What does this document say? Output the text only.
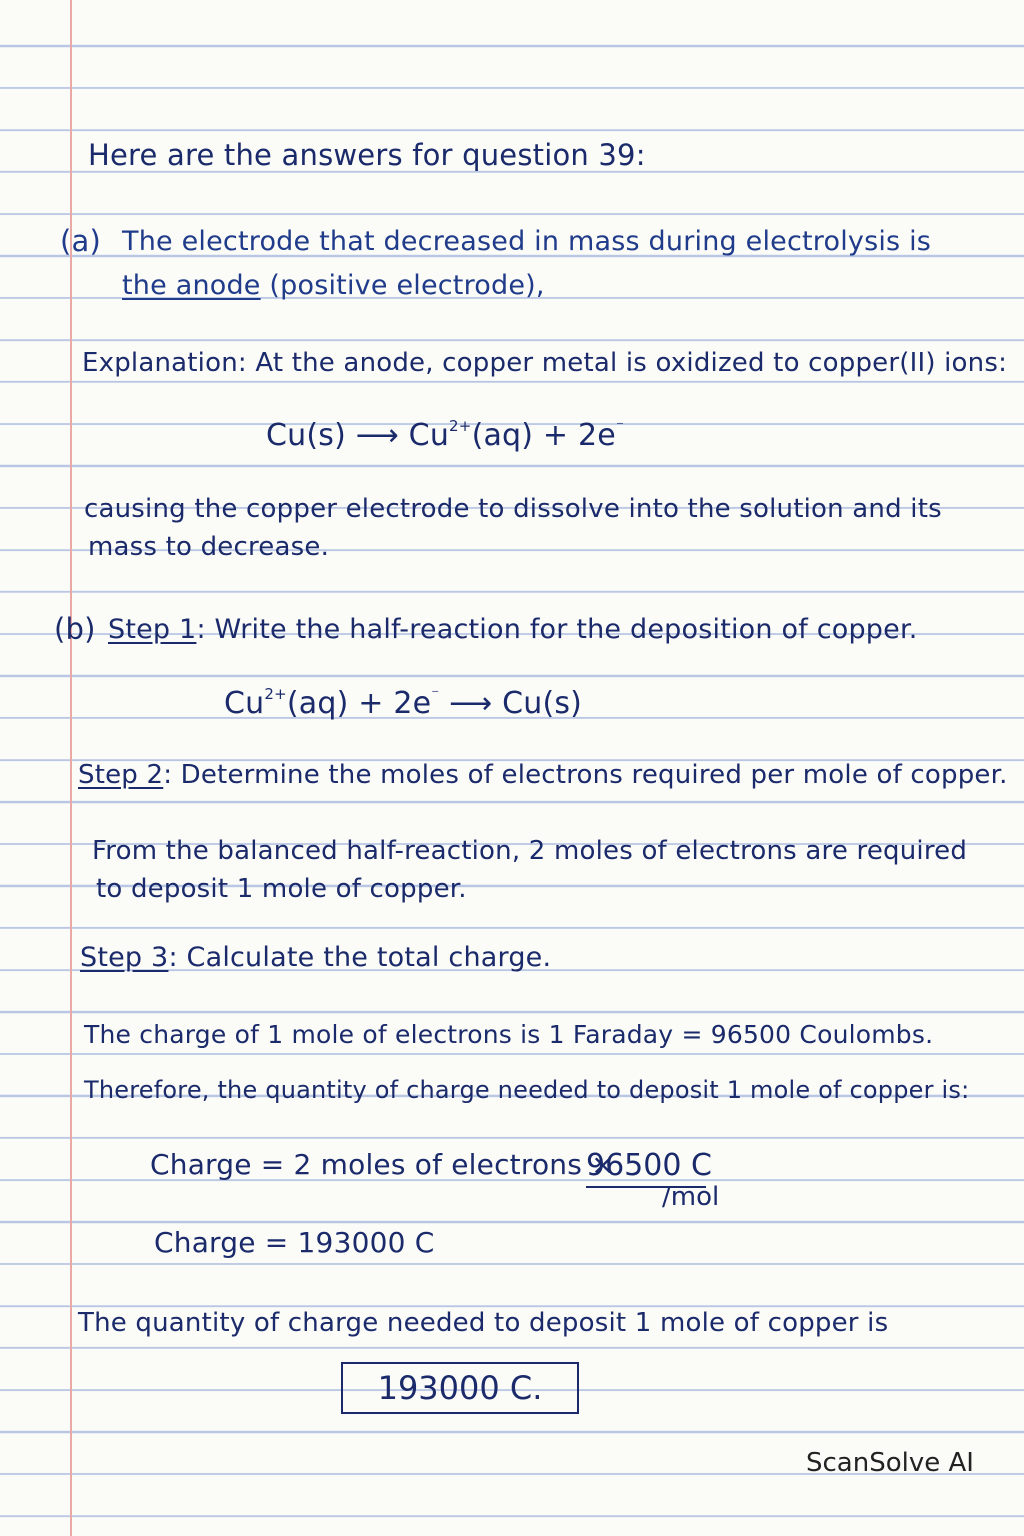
Here are the answers for question 39:
(a) The electrode that decreased in mass during electrolysis is
the anode (positive electrode),
Explanation: At the anode, copper metal is oxidized to copper(II) ions:
Cu(s) ⟶ $Cu^{2+}(aq) + 2e^{^-}$
causing the copper electrode to dissolve into the solution and its
mass to decrease.
(b) Step 1: Write the half-reaction for the deposition of copper.
$Cu^{2+}(aq) + 2e^{^-}$ ⟶ Cu(s)
Step 2: Determine the moles of electrons required per mole of copper.
From the balanced half-reaction, 2 moles of electrons are required
to deposit 1 mole of copper.
Step 3: Calculate the total charge.
The charge of 1 mole of electrons is 1 Faraday = 96500 Coulombs.
Therefore, the quantity of charge needed to deposit 1 mole of copper is:
Charge = 2 moles of electrons ×
96500 C
/mol
Charge = 193000 C
The quantity of charge needed to deposit 1 mole of copper is
193000 C.
ScanSolve AI
